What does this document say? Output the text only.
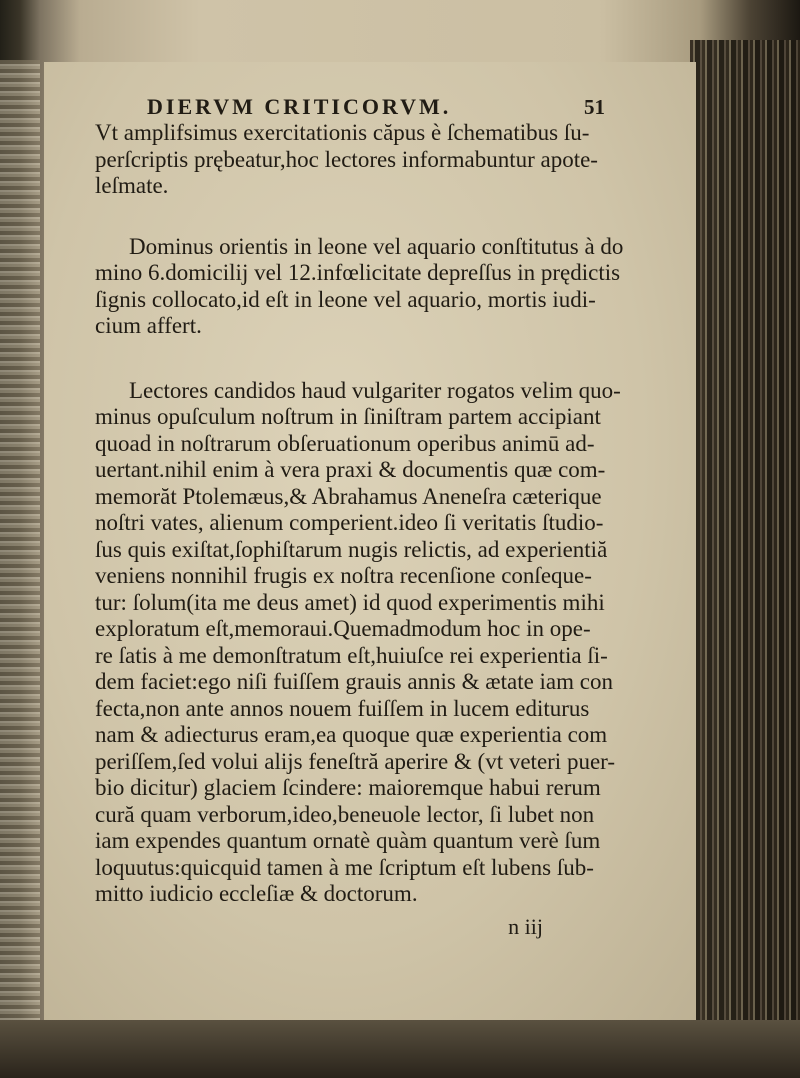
DIERVM CRITICORVM.	51

Vt amplifsimus exercitationis căpus è ſchematibus ſu-
perſcriptis prębeatur,hoc lectores informabuntur apote-
leſmate.

Dominus orientis in leone vel aquario conſtitutus à do
mino 6.domicilij vel 12.infœlicitate depreſſus in prędictis
ſignis collocato,id eſt in leone vel aquario, mortis iudi-
cium affert.

Lectores candidos haud vulgariter rogatos velim quo-
minus opuſculum noſtrum in ſiniſtram partem accipiant
quoad in noſtrarum obſeruationum operibus animū ad-
uertant.nihil enim à vera praxi & documentis quæ com-
memorăt Ptolemæus,& Abrahamus Aneneſra cæterique
noſtri vates, alienum comperient.ideo ſi veritatis ſtudio-
ſus quis exiſtat,ſophiſtarum nugis relictis, ad experientiă
veniens nonnihil frugis ex noſtra recenſione conſeque-
tur: ſolum(ita me deus amet) id quod experimentis mihi
exploratum eſt,memoraui.Quemadmodum hoc in ope-
re ſatis à me demonſtratum eſt,huiuſce rei experientia ſi-
dem faciet:ego niſi fuiſſem grauis annis & ætate iam con
fecta,non ante annos nouem fuiſſem in lucem editurus
nam & adiecturus eram,ea quoque quæ experientia com
periſſem,ſed volui alijs feneſtră aperire & (vt veteri puer-
bio dicitur) glaciem ſcindere: maioremque habui rerum
cură quam verborum,ideo,beneuole lector, ſi lubet non
iam expendes quantum ornatè quàm quantum verè ſum
loquutus:quicquid tamen à me ſcriptum eſt lubens ſub-
mitto iudicio eccleſiæ & doctorum.

n iij
